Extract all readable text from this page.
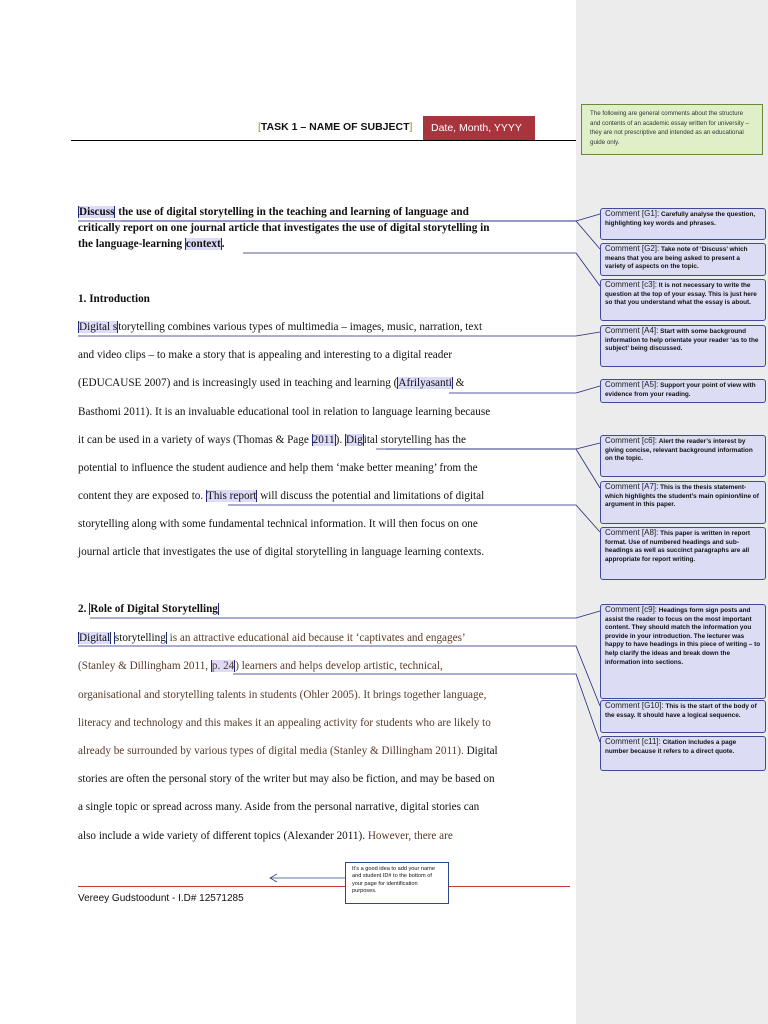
[TASK 1 – NAME OF SUBJECT]	Date, Month, YYYY
The following are general comments about the structure and contents of an academic essay written for university – they are not prescriptive and intended as an educational guide only.
Discuss the use of digital storytelling in the teaching and learning of language and
critically report on one journal article that investigates the use of digital storytelling in
the language-learning context.
1. Introduction
Digital storytelling combines various types of multimedia – images, music, narration, text
and video clips – to make a story that is appealing and interesting to a digital reader
(EDUCAUSE 2007) and is increasingly used in teaching and learning (Afrilyasanti &
Basthomi 2011). It is an invaluable educational tool in relation to language learning because
it can be used in a variety of ways (Thomas & Page 2011). Digital storytelling has the
potential to influence the student audience and help them ‘make better meaning’ from the
content they are exposed to. This report will discuss the potential and limitations of digital
storytelling along with some fundamental technical information. It will then focus on one
journal article that investigates the use of digital storytelling in language learning contexts.
2. Role of Digital Storytelling
Digital storytelling is an attractive educational aid because it ‘captivates and engages’
(Stanley & Dillingham 2011, p. 24) learners and helps develop artistic, technical,
organisational and storytelling talents in students (Ohler 2005). It brings together language,
literacy and technology and this makes it an appealing activity for students who are likely to
already be surrounded by various types of digital media (Stanley & Dillingham 2011). Digital
stories are often the personal story of the writer but may also be fiction, and may be based on
a single topic or spread across many. Aside from the personal narrative, digital stories can
also include a wide variety of different topics (Alexander 2011). However, there are
Comment [G1]: Carefully analyse the question, highlighting key words and phrases.
Comment [G2]: Take note of ‘Discuss’ which means that you are being asked to present a variety of aspects on the topic.
Comment [c3]: It is not necessary to write the question at the top of your essay. This is just here so that you understand what the essay is about.
Comment [A4]: Start with some background information to help orientate your reader ‘as to the subject’ being discussed.
Comment [A5]: Support your point of view with evidence from your reading.
Comment [c6]: Alert the reader’s interest by giving concise, relevant background information on the topic.
Comment [A7]: This is the thesis statement-which highlights the student’s main opinion/line of argument in this paper.
Comment [A8]: This paper is written in report format. Use of numbered headings and sub-headings as well as succinct paragraphs are all appropriate for report writing.
Comment [c9]: Headings form sign posts and assist the reader to focus on the most important content. They should match the information you provide in your introduction. The lecturer was happy to have headings in this piece of writing – to help clarify the ideas and break down the information into sections.
Comment [G10]: This is the start of the body of the essay. It should have a logical sequence.
Comment [c11]: Citation includes a page number because it refers to a direct quote.
It’s a good idea to add your name and student ID# to the bottom of your page for identification purposes.
Vereey Gudstoodunt - I.D# 12571285
